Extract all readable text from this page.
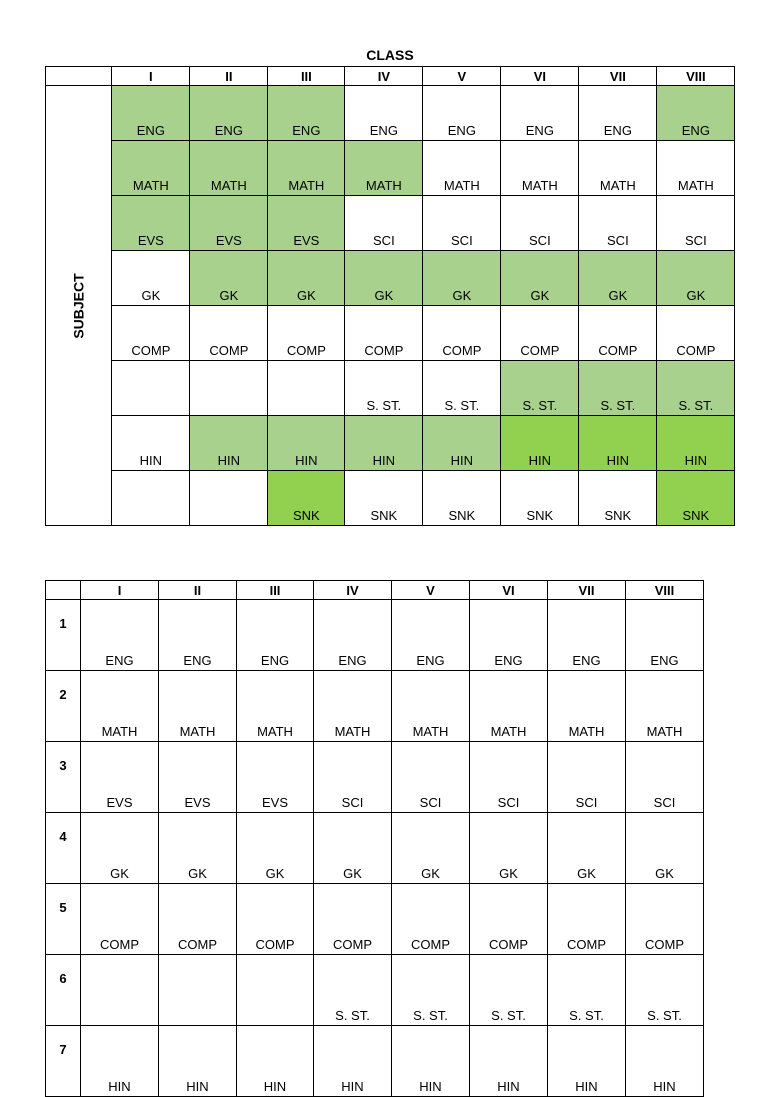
CLASS
	I	II	III	IV	V	VI	VII	VIII
SUBJECT	ENG	ENG	ENG	ENG	ENG	ENG	ENG	ENG
	MATH	MATH	MATH	MATH	MATH	MATH	MATH	MATH
	EVS	EVS	EVS	SCI	SCI	SCI	SCI	SCI
	GK	GK	GK	GK	GK	GK	GK	GK
	COMP	COMP	COMP	COMP	COMP	COMP	COMP	COMP
				S. ST.	S. ST.	S. ST.	S. ST.	S. ST.
	HIN	HIN	HIN	HIN	HIN	HIN	HIN	HIN
			SNK	SNK	SNK	SNK	SNK	SNK
	I	II	III	IV	V	VI	VII	VIII
1	ENG	ENG	ENG	ENG	ENG	ENG	ENG	ENG
2	MATH	MATH	MATH	MATH	MATH	MATH	MATH	MATH
3	EVS	EVS	EVS	SCI	SCI	SCI	SCI	SCI
4	GK	GK	GK	GK	GK	GK	GK	GK
5	COMP	COMP	COMP	COMP	COMP	COMP	COMP	COMP
6				S. ST.	S. ST.	S. ST.	S. ST.	S. ST.
7	HIN	HIN	HIN	HIN	HIN	HIN	HIN	HIN
